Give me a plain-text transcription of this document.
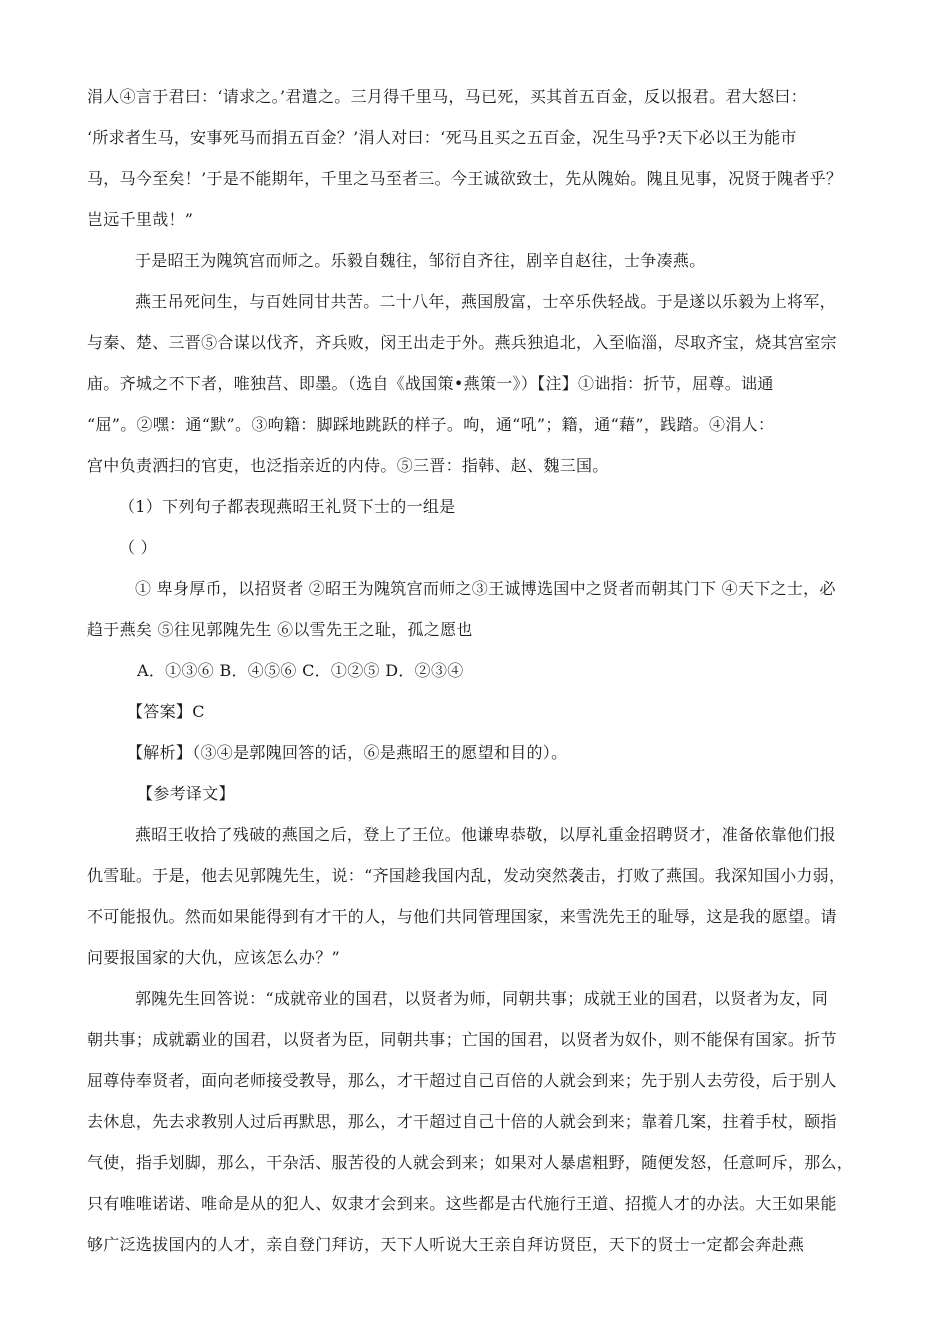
涓人④言于君曰：‘请求之。’君遣之。三月得千里马，马已死，买其首五百金，反以报君。君大怒曰：
‘所求者生马，安事死马而捐五百金？’涓人对曰：‘死马且买之五百金，况生马乎?天下必以王为能市
马，马今至矣！’于是不能期年，千里之马至者三。今王诚欲致士，先从隗始。隗且见事，况贤于隗者乎？
岂远千里哉！”
于是昭王为隗筑宫而师之。乐毅自魏往，邹衍自齐往，剧辛自赵往，士争凑燕。
燕王吊死问生，与百姓同甘共苦。二十八年，燕国殷富，士卒乐佚轻战。于是遂以乐毅为上将军，
与秦、楚、三晋⑤合谋以伐齐，齐兵败，闵王出走于外。燕兵独追北，入至临淄，尽取齐宝，烧其宫室宗
庙。齐城之不下者，唯独莒、即墨。（选自《战国策•燕策一》）【注】①诎指：折节，屈尊。诎通
“屈”。②嘿：通“默”。③呴籍：脚踩地跳跃的样子。呴，通“吼”；籍，通“藉”，践踏。④涓人：
宫中负责洒扫的官吏，也泛指亲近的内侍。⑤三晋：指韩、赵、魏三国。
（1）下列句子都表现燕昭王礼贤下士的一组是
（ ）
① 卑身厚币，以招贤者 ②昭王为隗筑宫而师之③王诚博选国中之贤者而朝其门下 ④天下之士，必
趋于燕矣 ⑤往见郭隗先生 ⑥以雪先王之耻，孤之愿也
A．①③⑥ B．④⑤⑥ C．①②⑤ D．②③④
【答案】C
【解析】（③④是郭隗回答的话，⑥是燕昭王的愿望和目的）。
【参考译文】
燕昭王收拾了残破的燕国之后，登上了王位。他谦卑恭敬，以厚礼重金招聘贤才，准备依靠他们报
仇雪耻。于是，他去见郭隗先生，说：“齐国趁我国内乱，发动突然袭击，打败了燕国。我深知国小力弱，
不可能报仇。然而如果能得到有才干的人，与他们共同管理国家，来雪洗先王的耻辱，这是我的愿望。请
问要报国家的大仇，应该怎么办？”
郭隗先生回答说：“成就帝业的国君，以贤者为师，同朝共事；成就王业的国君，以贤者为友，同
朝共事；成就霸业的国君，以贤者为臣，同朝共事；亡国的国君，以贤者为奴仆，则不能保有国家。折节
屈尊侍奉贤者，面向老师接受教导，那么，才干超过自己百倍的人就会到来；先于别人去劳役，后于别人
去休息，先去求教别人过后再默思，那么，才干超过自己十倍的人就会到来；靠着几案，拄着手杖，颐指
气使，指手划脚，那么，干杂活、服苦役的人就会到来；如果对人暴虐粗野，随便发怒，任意呵斥，那么，
只有唯唯诺诺、唯命是从的犯人、奴隶才会到来。这些都是古代施行王道、招揽人才的办法。大王如果能
够广泛选拔国内的人才，亲自登门拜访，天下人听说大王亲自拜访贤臣，天下的贤士一定都会奔赴燕
